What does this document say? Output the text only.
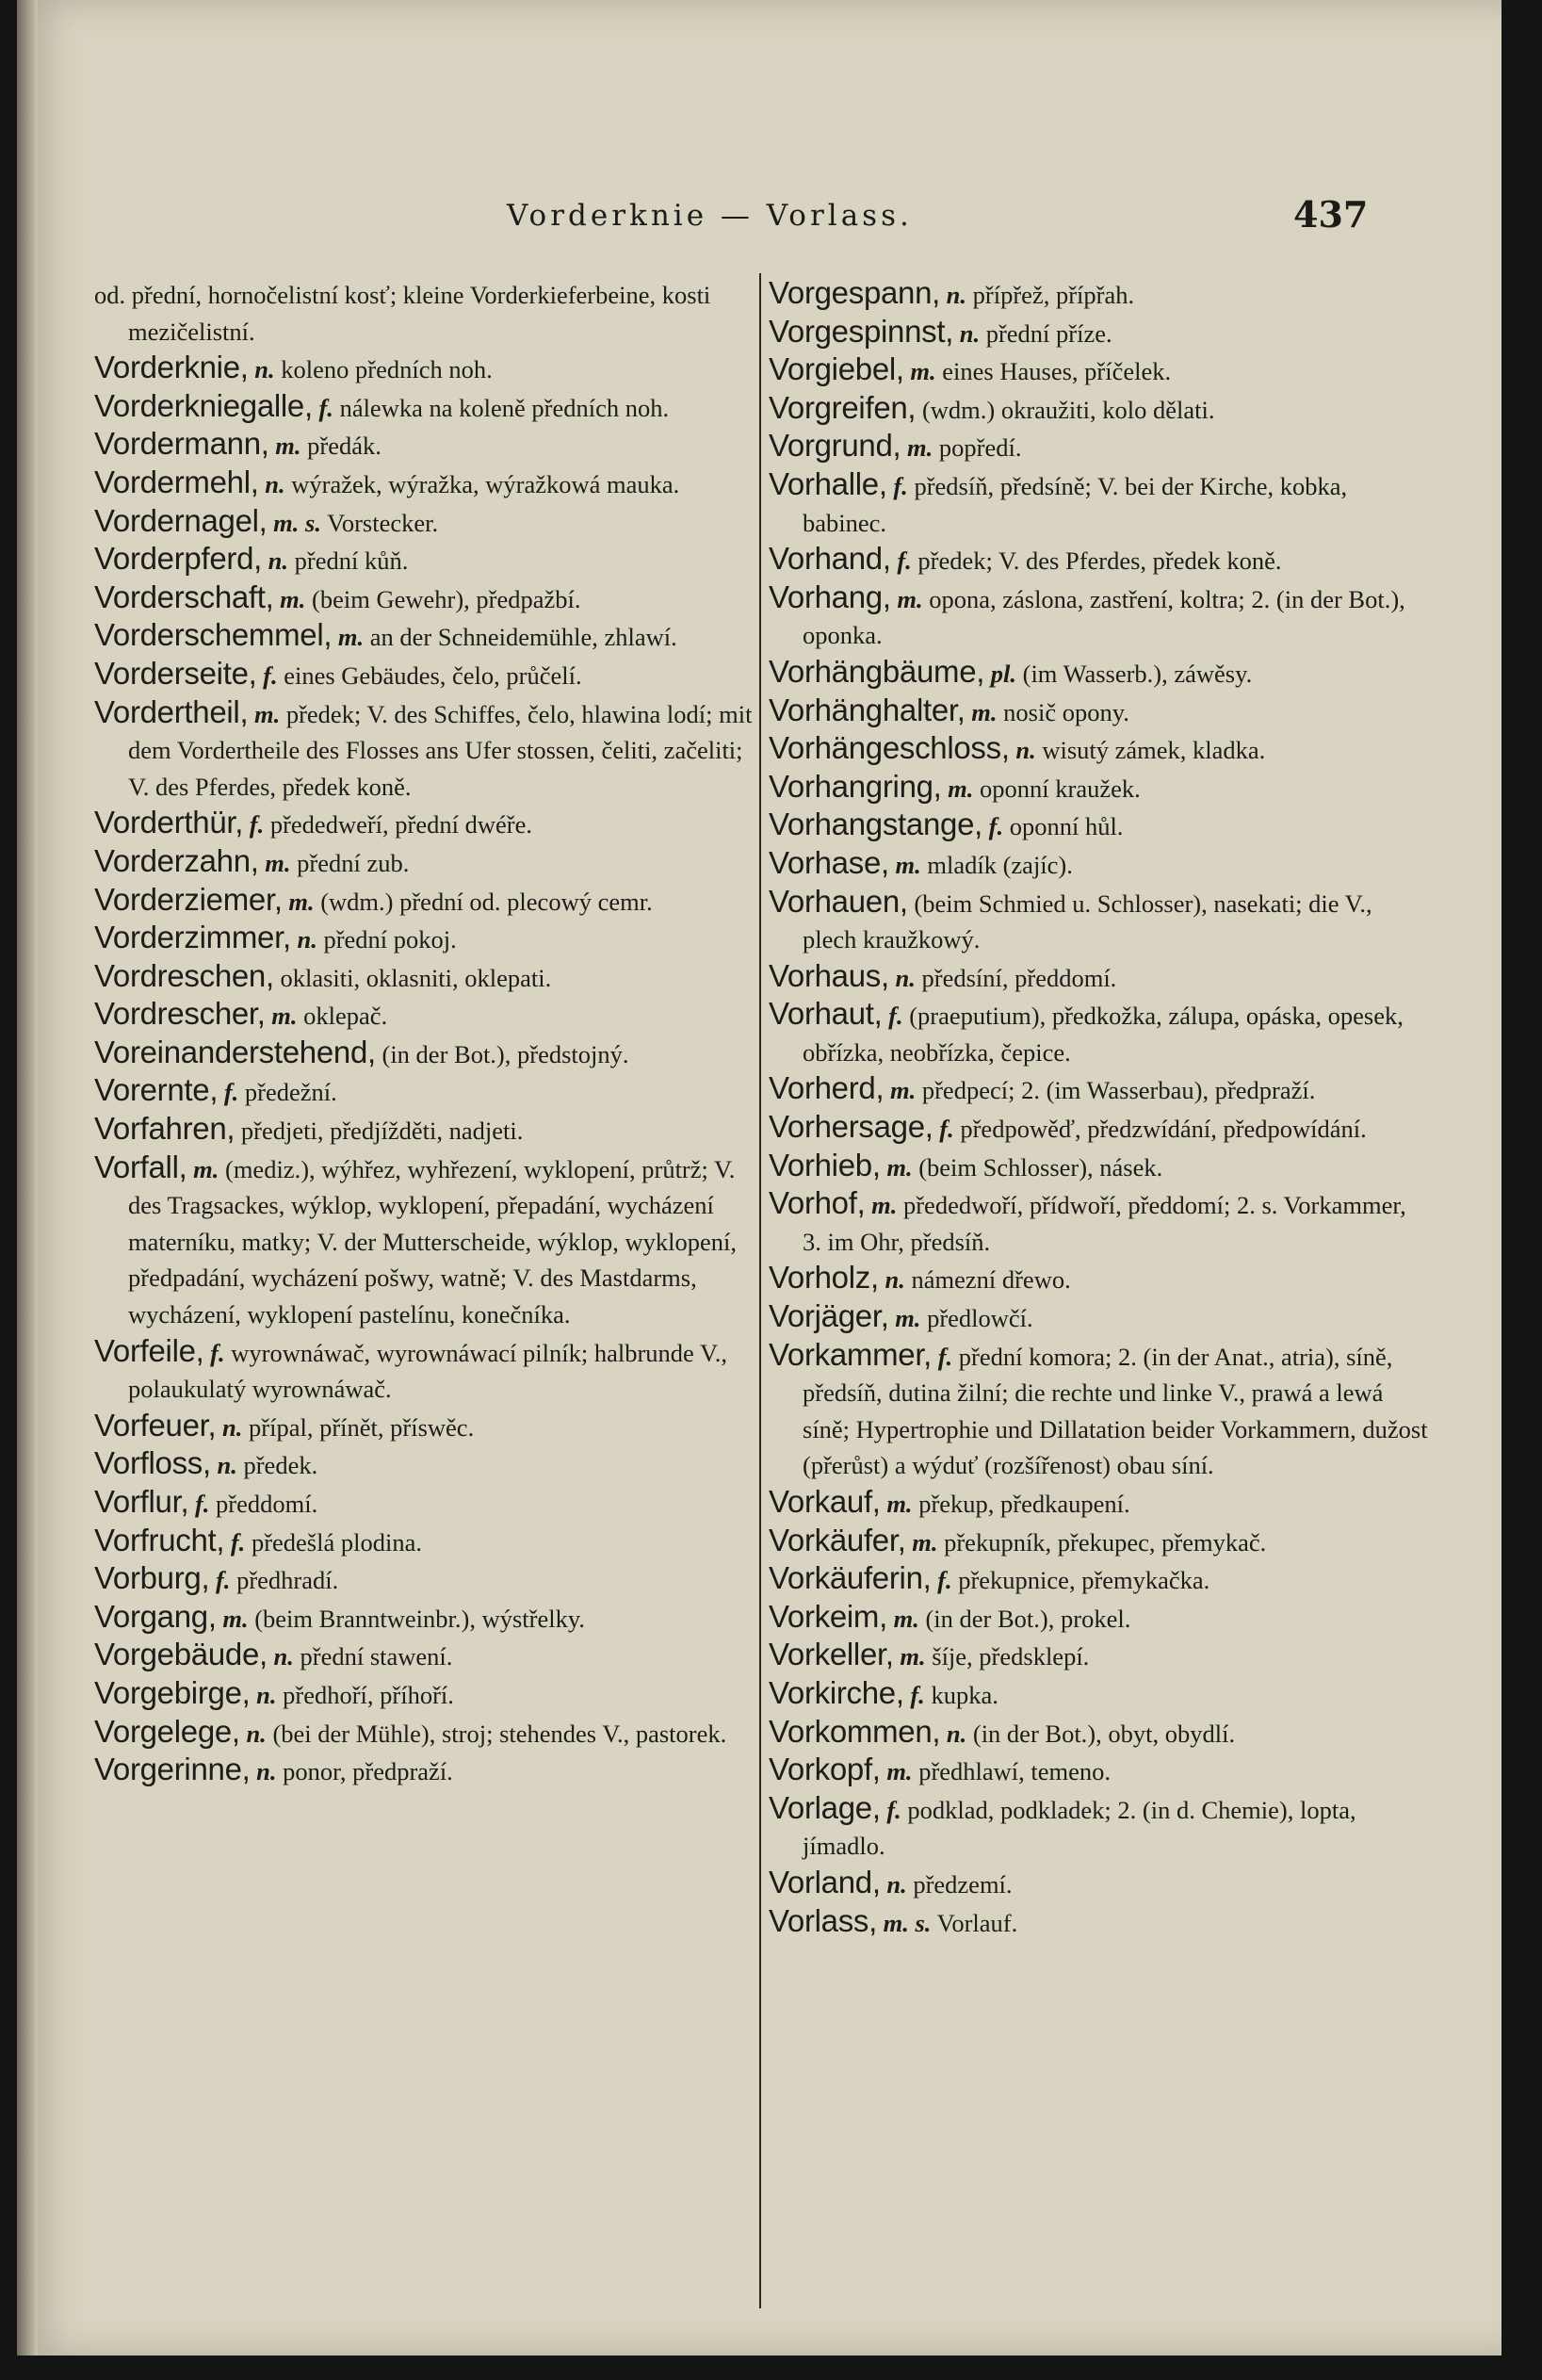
Vorderknie — Vorlass.	437
od. přední, hornočelistní kosť; kleine Vorderkieferbeine, kosti mezičelistní.
Vorderknie, n. koleno předních noh.
Vorderkniegalle, f. nálewka na koleně předních noh.
Vordermann, m. předák.
Vordermehl, n. wýražek, wýražka, wýražkowá mauka.
Vordernagel, m. s. Vorstecker.
Vorderpferd, n. přední kůň.
Vorderschaft, m. (beim Gewehr), předpažbí.
Vorderschemmel, m. an der Schneidemühle, zhlawí.
Vorderseite, f. eines Gebäudes, čelo, průčelí.
Vordertheil, m. předek; V. des Schiffes, čelo, hlawina lodí; mit dem Vordertheile des Flosses ans Ufer stossen, čeliti, začeliti; V. des Pferdes, předek koně.
Vorderthür, f. přededweří, přední dwéře.
Vorderzahn, m. přední zub.
Vorderziemer, m. (wdm.) přední od. plecowý cemr.
Vorderzimmer, n. přední pokoj.
Vordreschen, oklasiti, oklasniti, oklepati.
Vordrescher, m. oklepač.
Voreinanderstehend, (in der Bot.), předstojný.
Vorernte, f. předežní.
Vorfahren, předjeti, předjížděti, nadjeti.
Vorfall, m. (mediz.), wýhřez, wyhřezení, wyklopení, průtrž; V. des Tragsackes, wýklop, wyklopení, přepadání, wycházení materníku, matky; V. der Mutterscheide, wýklop, wyklopení, předpadání, wycházení pošwy, watně; V. des Mastdarms, wycházení, wyklopení pastelínu, konečníka.
Vorfeile, f. wyrownáwač, wyrownáwací pilník; halbrunde V., polaukulatý wyrownáwač.
Vorfeuer, n. přípal, přínět, příswěc.
Vorfloss, n. předek.
Vorflur, f. předdomí.
Vorfrucht, f. předešlá plodina.
Vorburg, f. předhradí.
Vorgang, m. (beim Branntweinbr.), wýstřelky.
Vorgebäude, n. přední stawení.
Vorgebirge, n. předhoří, příhoří.
Vorgelege, n. (bei der Mühle), stroj; stehendes V., pastorek.
Vorgerinne, n. ponor, předpraží.
Vorgespann, n. přípřež, přípřah.
Vorgespinnst, n. přední příze.
Vorgiebel, m. eines Hauses, příčelek.
Vorgreifen, (wdm.) okraužiti, kolo dělati.
Vorgrund, m. popředí.
Vorhalle, f. předsíň, předsíně; V. bei der Kirche, kobka, babinec.
Vorhand, f. předek; V. des Pferdes, předek koně.
Vorhang, m. opona, záslona, zastření, koltra; 2. (in der Bot.), oponka.
Vorhängbäume, pl. (im Wasserb.), záwěsy.
Vorhänghalter, m. nosič opony.
Vorhängeschloss, n. wisutý zámek, kladka.
Vorhangring, m. oponní kraužek.
Vorhangstange, f. oponní hůl.
Vorhase, m. mladík (zajíc).
Vorhauen, (beim Schmied u. Schlosser), nasekati; die V., plech kraužkowý.
Vorhaus, n. předsíní, předdomí.
Vorhaut, f. (praeputium), předkožka, zálupa, opáska, opesek, obřízka, neobřízka, čepice.
Vorherd, m. předpecí; 2. (im Wasserbau), předpraží.
Vorhersage, f. předpowěď, předzwídání, předpowídání.
Vorhieb, m. (beim Schlosser), násek.
Vorhof, m. přededwoří, přídwoří, předdomí; 2. s. Vorkammer, 3. im Ohr, předsíň.
Vorholz, n. námezní dřewo.
Vorjäger, m. předlowčí.
Vorkammer, f. přední komora; 2. (in der Anat., atria), síně, předsíň, dutina žilní; die rechte und linke V., prawá a lewá síně; Hypertrophie und Dillatation beider Vorkammern, dužost (přerůst) a wýduť (rozšířenost) obau síní.
Vorkauf, m. překup, předkaupení.
Vorkäufer, m. překupník, překupec, přemykač.
Vorkäuferin, f. překupnice, přemykačka.
Vorkeim, m. (in der Bot.), prokel.
Vorkeller, m. šíje, předsklepí.
Vorkirche, f. kupka.
Vorkommen, n. (in der Bot.), obyt, obydlí.
Vorkopf, m. předhlawí, temeno.
Vorlage, f. podklad, podkladek; 2. (in d. Chemie), lopta, jímadlo.
Vorland, n. předzemí.
Vorlass, m. s. Vorlauf.
